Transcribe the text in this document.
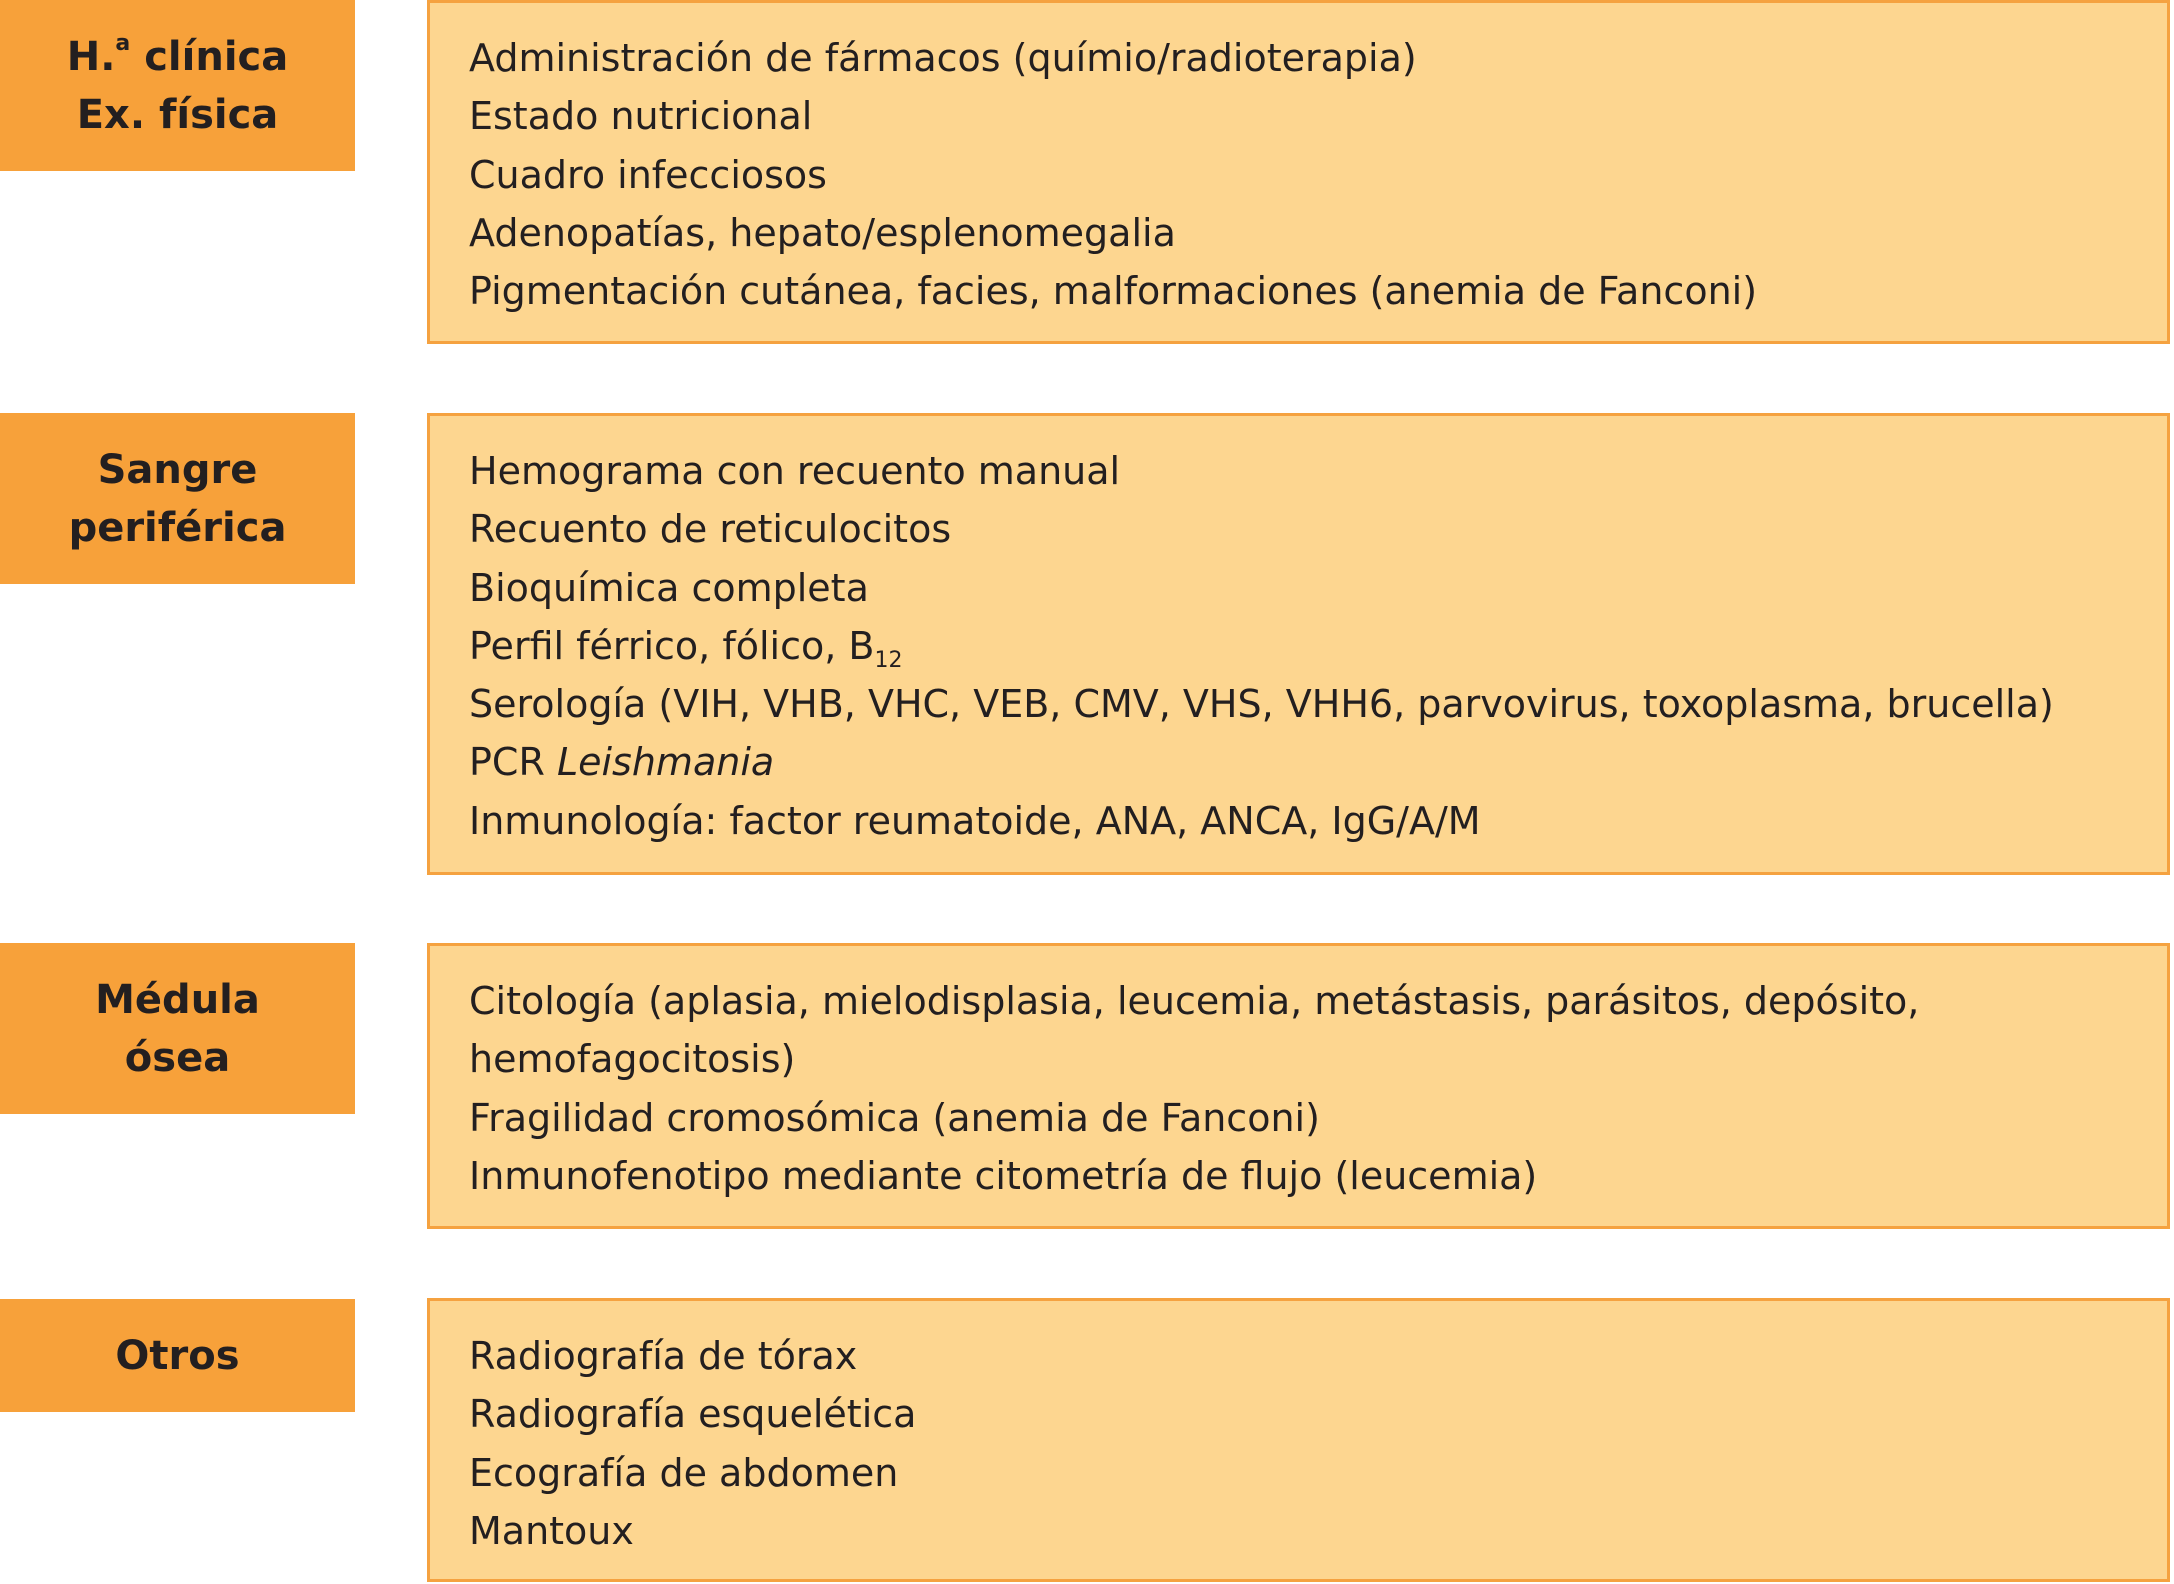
H.$^a$ clínica
Ex. física
Administración de fármacos (químio/radioterapia)
Estado nutricional
Cuadro infecciosos
Adenopatías, hepato/esplenomegalia
Pigmentación cutánea, facies, malformaciones (anemia de Fanconi)
Sangre
periférica
Hemograma con recuento manual
Recuento de reticulocitos
Bioquímica completa
Perfil férrico, fólico, $B_{12}$
Serología (VIH, VHB, VHC, VEB, CMV, VHS, VHH6, parvovirus, toxoplasma, brucella)
PCR Leishmania
Inmunología: factor reumatoide, ANA, ANCA, IgG/A/M
Médula
ósea
Citología (aplasia, mielodisplasia, leucemia, metástasis, parásitos, depósito,
hemofagocitosis)
Fragilidad cromosómica (anemia de Fanconi)
Inmunofenotipo mediante citometría de flujo (leucemia)
Otros	Radiografía de tórax
Radiografía esquelética
Ecografía de abdomen
Mantoux
